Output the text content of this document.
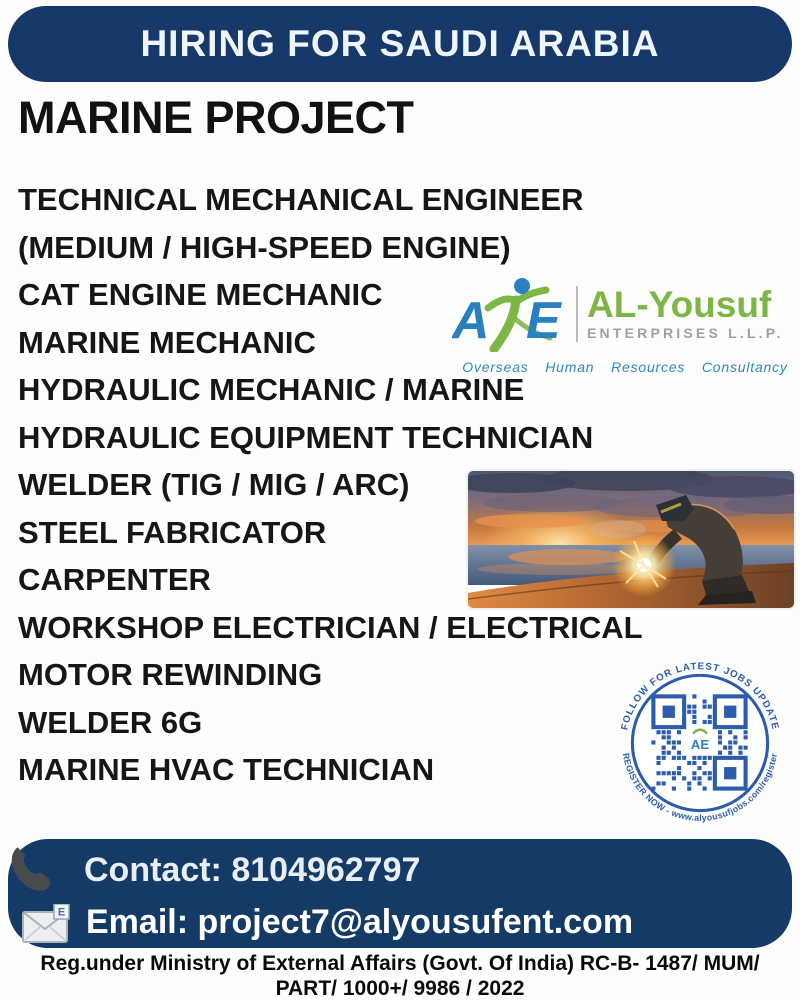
HIRING FOR SAUDI ARABIA
MARINE PROJECT
TECHNICAL MECHANICAL ENGINEER
(MEDIUM / HIGH-SPEED ENGINE)
CAT ENGINE MECHANIC
MARINE MECHANIC
HYDRAULIC MECHANIC / MARINE
HYDRAULIC EQUIPMENT TECHNICIAN
WELDER (TIG / MIG / ARC)
STEEL FABRICATOR
CARPENTER
WORKSHOP ELECTRICIAN / ELECTRICAL
MOTOR REWINDING
WELDER 6G
MARINE HVAC TECHNICIAN
A E AL-Yousuf
ENTERPRISES L.L.P.
Overseas Human Resources Consultancy
FOLLOW FOR LATEST JOBS UPDATE
REGISTER NOW - www.alyousufjobs.com/register
AE
Contact: 8104962797
E Email: project7@alyousufent.com
Reg.under Ministry of External Affairs (Govt. Of India) RC-B- 1487/ MUM/
PART/ 1000+/ 9986 / 2022
